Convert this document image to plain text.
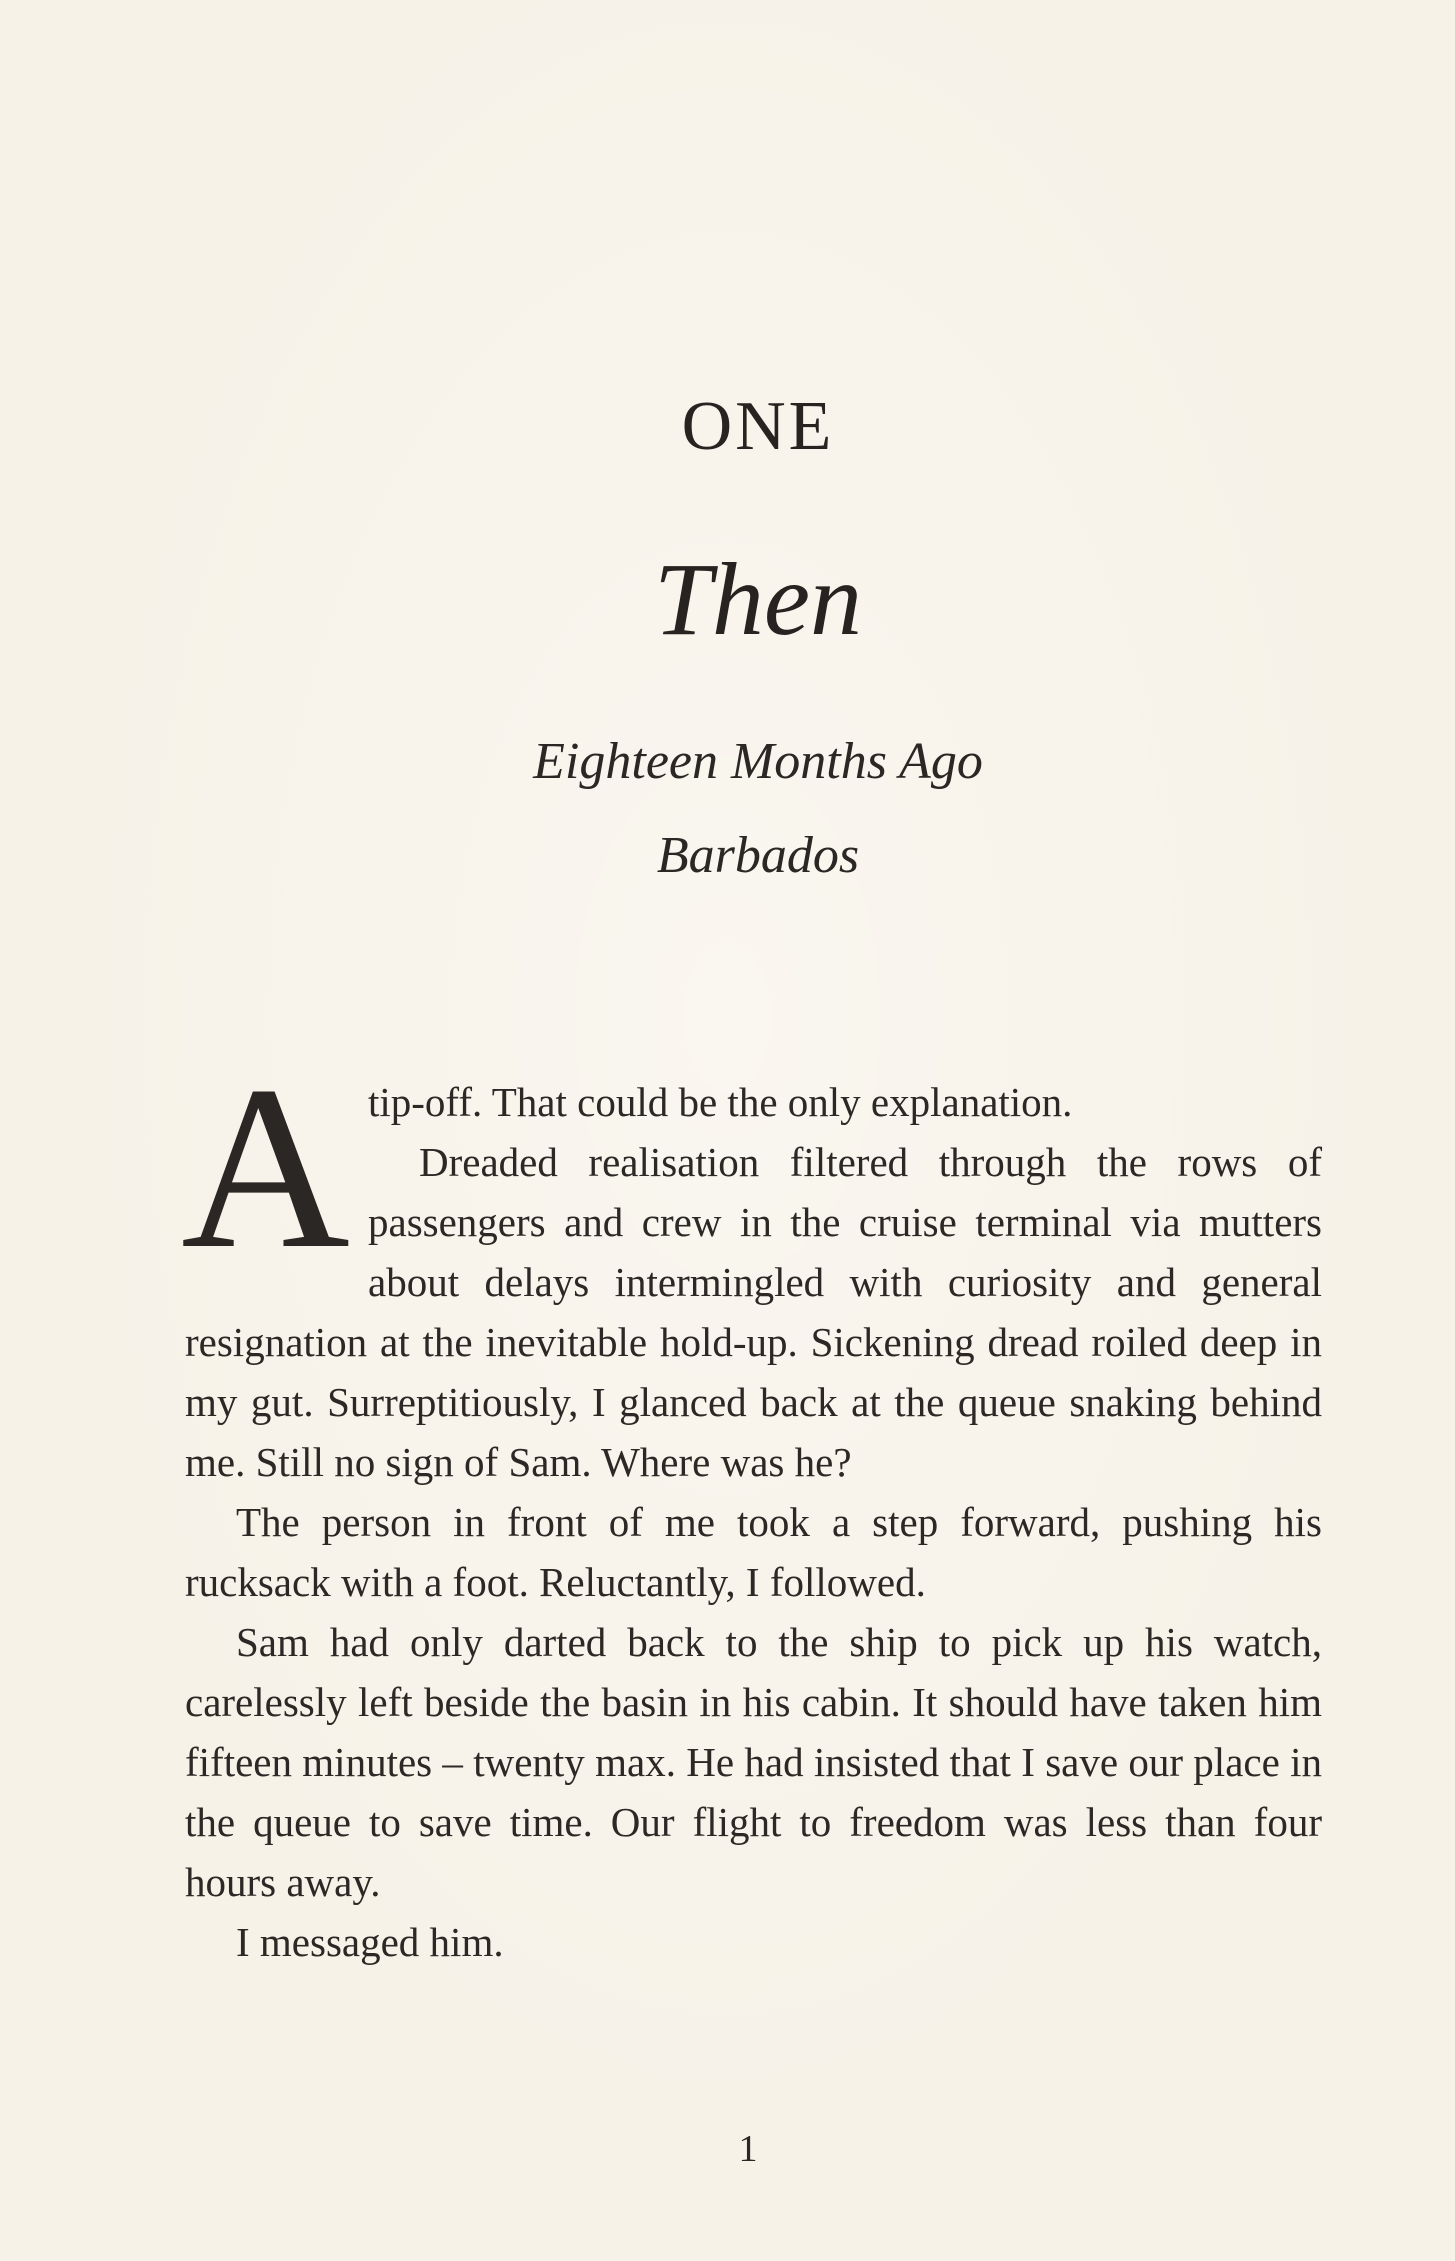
ONE
Then
Eighteen Months Ago
Barbados
A tip-off. That could be the only explanation.

Dreaded realisation filtered through the rows of passengers and crew in the cruise terminal via mutters about delays intermingled with curiosity and general resignation at the inevitable hold-up. Sickening dread roiled deep in my gut. Surreptitiously, I glanced back at the queue snaking behind me. Still no sign of Sam. Where was he?

The person in front of me took a step forward, pushing his rucksack with a foot. Reluctantly, I followed.

Sam had only darted back to the ship to pick up his watch, carelessly left beside the basin in his cabin. It should have taken him fifteen minutes – twenty max. He had insisted that I save our place in the queue to save time. Our flight to freedom was less than four hours away.

I messaged him.

1
